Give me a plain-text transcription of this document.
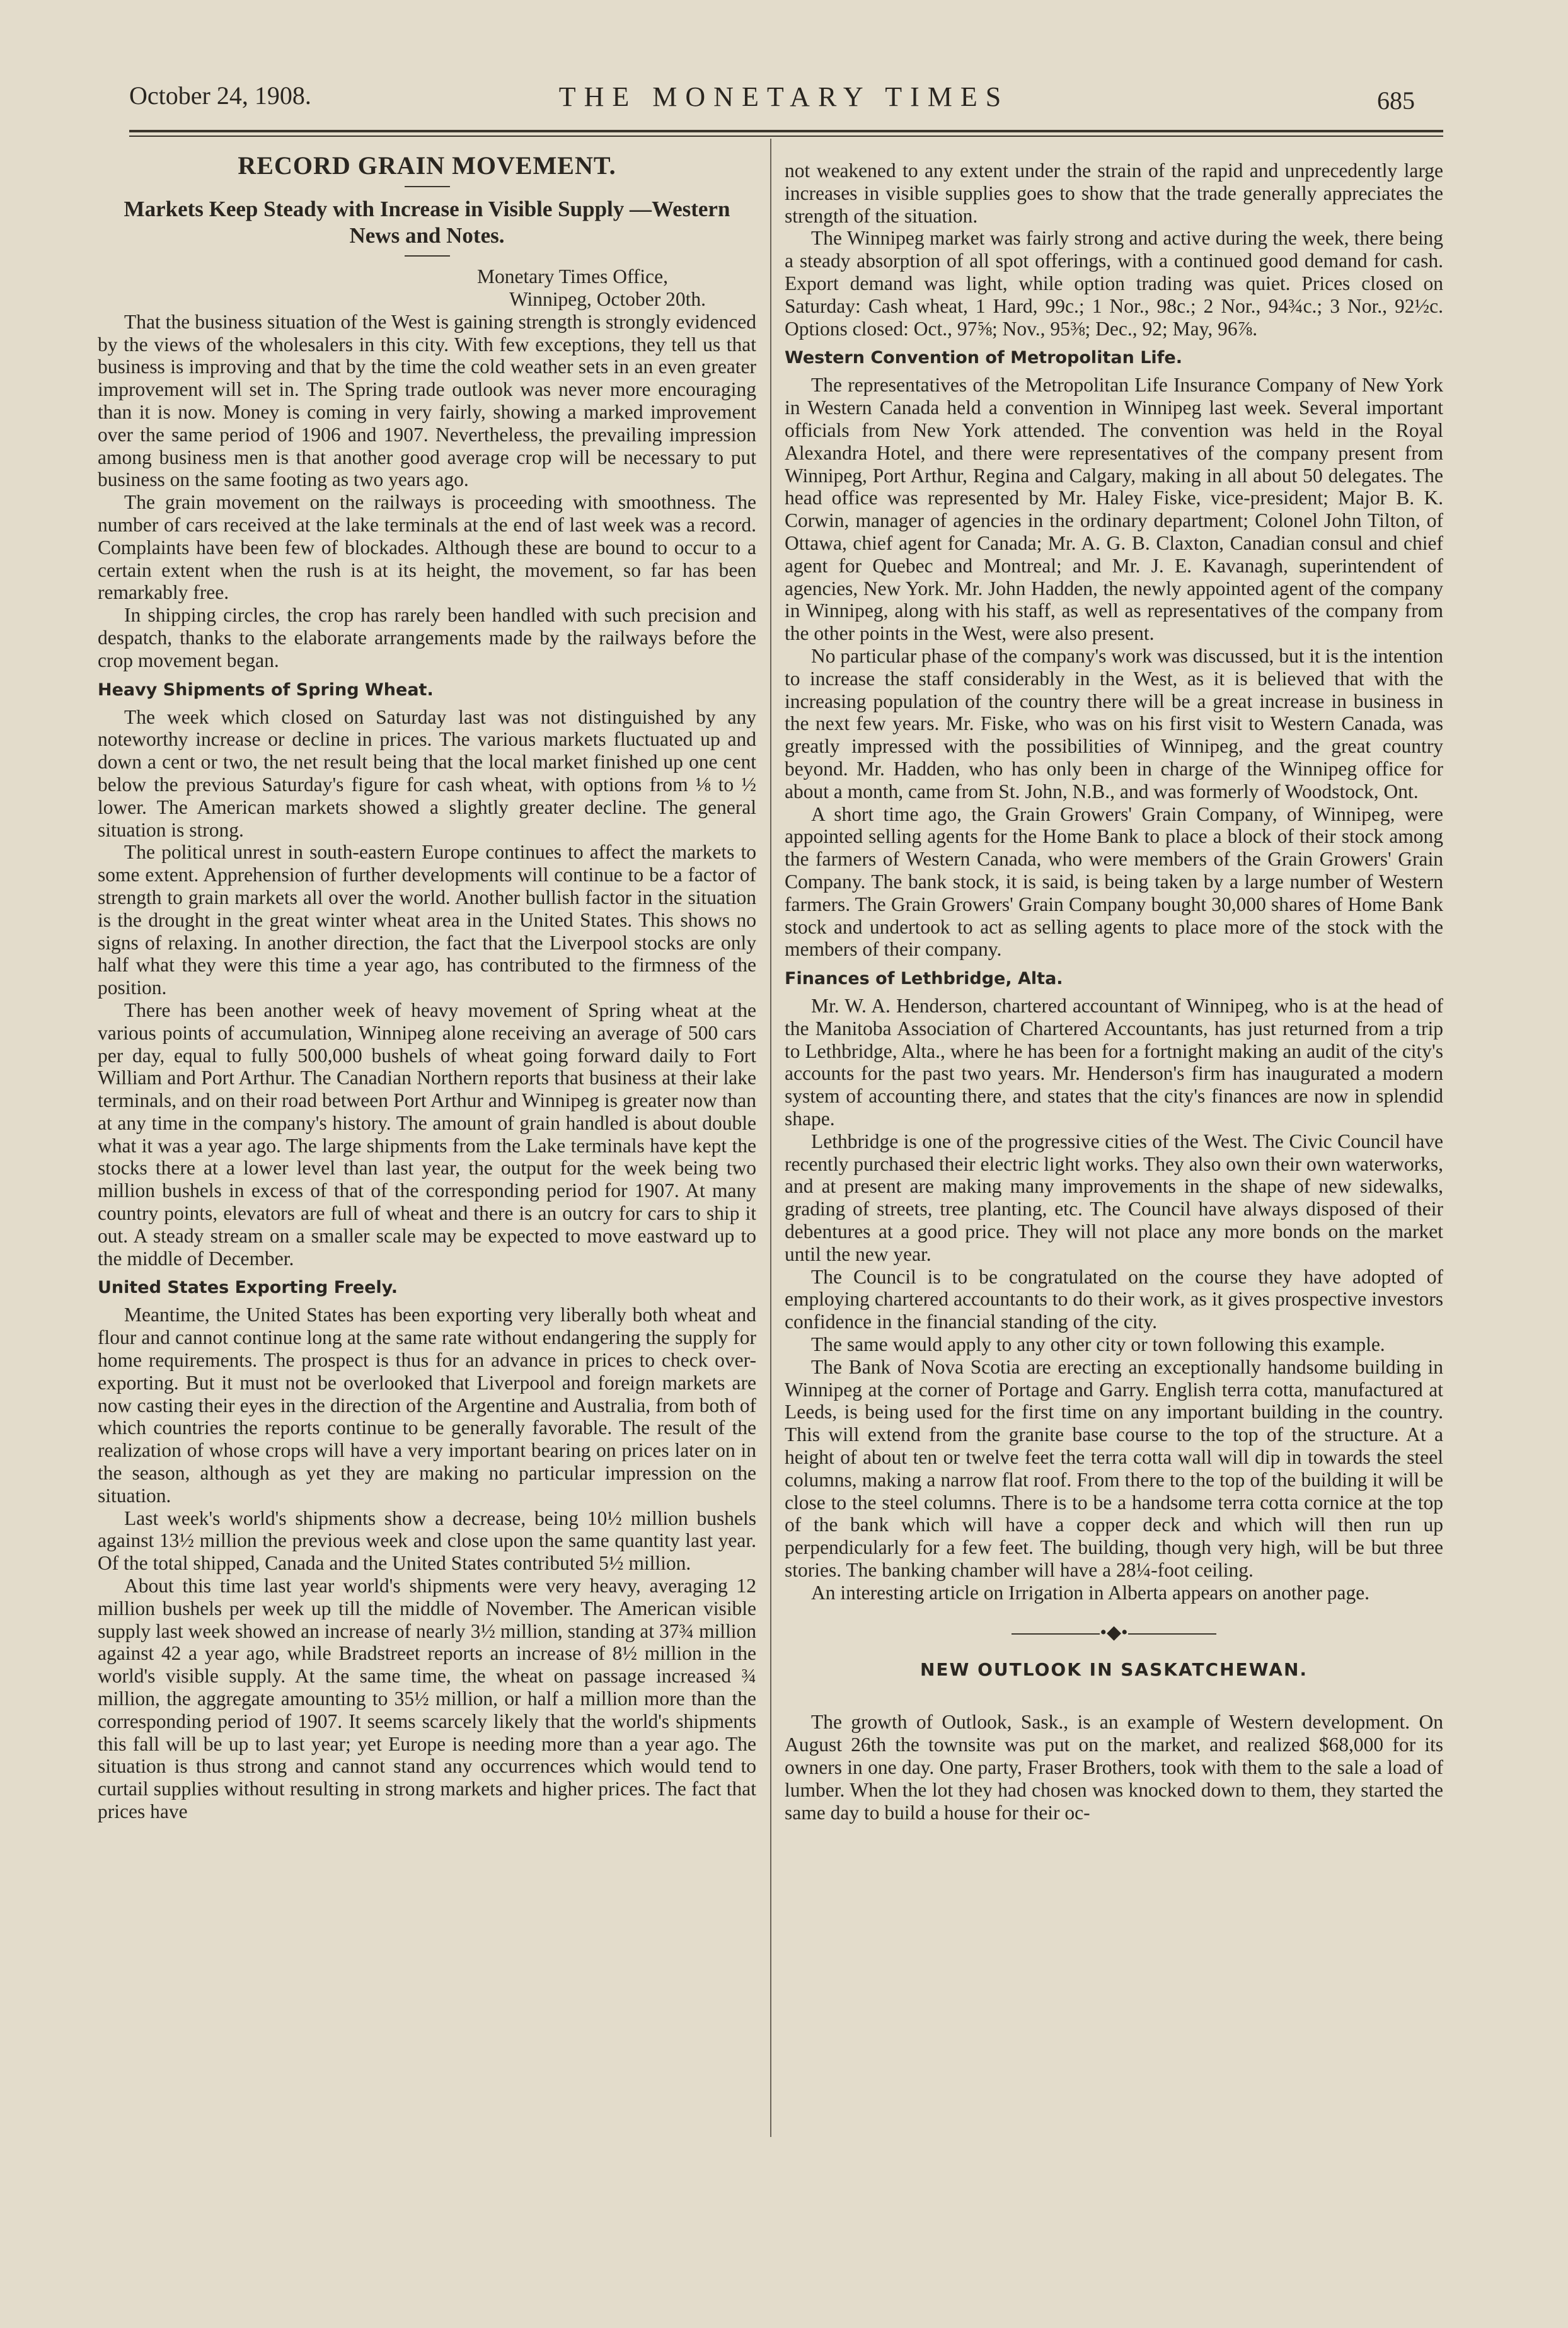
October 24, 1908.	THE MONETARY TIMES	685
RECORD GRAIN MOVEMENT.
Markets Keep Steady with Increase in Visible Supply —Western News and Notes.
Monetary Times Office,
Winnipeg, October 20th.

That the business situation of the West is gaining strength is strongly evidenced by the views of the wholesalers in this city. With few exceptions, they tell us that business is improving and that by the time the cold weather sets in an even greater improvement will set in. The Spring trade outlook was never more encouraging than it is now. Money is coming in very fairly, showing a marked improvement over the same period of 1906 and 1907. Nevertheless, the prevailing impression among business men is that another good average crop will be necessary to put business on the same footing as two years ago.

The grain movement on the railways is proceeding with smoothness. The number of cars received at the lake terminals at the end of last week was a record. Complaints have been few of blockades. Although these are bound to occur to a certain extent when the rush is at its height, the movement, so far has been remarkably free.

In shipping circles, the crop has rarely been handled with such precision and despatch, thanks to the elaborate arrangements made by the railways before the crop movement began.

Heavy Shipments of Spring Wheat.

The week which closed on Saturday last was not distinguished by any noteworthy increase or decline in prices. The various markets fluctuated up and down a cent or two, the net result being that the local market finished up one cent below the previous Saturday's figure for cash wheat, with options from ⅛ to ½ lower. The American markets showed a slightly greater decline. The general situation is strong.

The political unrest in south-eastern Europe continues to affect the markets to some extent. Apprehension of further developments will continue to be a factor of strength to grain markets all over the world. Another bullish factor in the situation is the drought in the great winter wheat area in the United States. This shows no signs of relaxing. In another direction, the fact that the Liverpool stocks are only half what they were this time a year ago, has contributed to the firmness of the position.

There has been another week of heavy movement of Spring wheat at the various points of accumulation, Winnipeg alone receiving an average of 500 cars per day, equal to fully 500,000 bushels of wheat going forward daily to Fort William and Port Arthur. The Canadian Northern reports that business at their lake terminals, and on their road between Port Arthur and Winnipeg is greater now than at any time in the company's history. The amount of grain handled is about double what it was a year ago. The large shipments from the Lake terminals have kept the stocks there at a lower level than last year, the output for the week being two million bushels in excess of that of the corresponding period for 1907. At many country points, elevators are full of wheat and there is an outcry for cars to ship it out. A steady stream on a smaller scale may be expected to move eastward up to the middle of December.

United States Exporting Freely.

Meantime, the United States has been exporting very liberally both wheat and flour and cannot continue long at the same rate without endangering the supply for home requirements. The prospect is thus for an advance in prices to check over-exporting. But it must not be overlooked that Liverpool and foreign markets are now casting their eyes in the direction of the Argentine and Australia, from both of which countries the reports continue to be generally favorable. The result of the realization of whose crops will have a very important bearing on prices later on in the season, although as yet they are making no particular impression on the situation.

Last week's world's shipments show a decrease, being 10½ million bushels against 13½ million the previous week and close upon the same quantity last year. Of the total shipped, Canada and the United States contributed 5½ million.

About this time last year world's shipments were very heavy, averaging 12 million bushels per week up till the middle of November. The American visible supply last week showed an increase of nearly 3½ million, standing at 37¾ million against 42 a year ago, while Bradstreet reports an increase of 8½ million in the world's visible supply. At the same time, the wheat on passage increased ¾ million, the aggregate amounting to 35½ million, or half a million more than the corresponding period of 1907. It seems scarcely likely that the world's shipments this fall will be up to last year; yet Europe is needing more than a year ago. The situation is thus strong and cannot stand any occurrences which would tend to curtail supplies without resulting in strong markets and higher prices. The fact that prices have

not weakened to any extent under the strain of the rapid and unprecedently large increases in visible supplies goes to show that the trade generally appreciates the strength of the situation.

The Winnipeg market was fairly strong and active during the week, there being a steady absorption of all spot offerings, with a continued good demand for cash. Export demand was light, while option trading was quiet. Prices closed on Saturday: Cash wheat, 1 Hard, 99c.; 1 Nor., 98c.; 2 Nor., 94¾c.; 3 Nor., 92½c. Options closed: Oct., 97⅝; Nov., 95⅜; Dec., 92; May, 96⅞.

Western Convention of Metropolitan Life.

The representatives of the Metropolitan Life Insurance Company of New York in Western Canada held a convention in Winnipeg last week. Several important officials from New York attended. The convention was held in the Royal Alexandra Hotel, and there were representatives of the company present from Winnipeg, Port Arthur, Regina and Calgary, making in all about 50 delegates. The head office was represented by Mr. Haley Fiske, vice-president; Major B. K. Corwin, manager of agencies in the ordinary department; Colonel John Tilton, of Ottawa, chief agent for Canada; Mr. A. G. B. Claxton, Canadian consul and chief agent for Quebec and Montreal; and Mr. J. E. Kavanagh, superintendent of agencies, New York. Mr. John Hadden, the newly appointed agent of the company in Winnipeg, along with his staff, as well as representatives of the company from the other points in the West, were also present.

No particular phase of the company's work was discussed, but it is the intention to increase the staff considerably in the West, as it is believed that with the increasing population of the country there will be a great increase in business in the next few years. Mr. Fiske, who was on his first visit to Western Canada, was greatly impressed with the possibilities of Winnipeg, and the great country beyond. Mr. Hadden, who has only been in charge of the Winnipeg office for about a month, came from St. John, N.B., and was formerly of Woodstock, Ont.

A short time ago, the Grain Growers' Grain Company, of Winnipeg, were appointed selling agents for the Home Bank to place a block of their stock among the farmers of Western Canada, who were members of the Grain Growers' Grain Company. The bank stock, it is said, is being taken by a large number of Western farmers. The Grain Growers' Grain Company bought 30,000 shares of Home Bank stock and undertook to act as selling agents to place more of the stock with the members of their company.

Finances of Lethbridge, Alta.

Mr. W. A. Henderson, chartered accountant of Winnipeg, who is at the head of the Manitoba Association of Chartered Accountants, has just returned from a trip to Lethbridge, Alta., where he has been for a fortnight making an audit of the city's accounts for the past two years. Mr. Henderson's firm has inaugurated a modern system of accounting there, and states that the city's finances are now in splendid shape.

Lethbridge is one of the progressive cities of the West. The Civic Council have recently purchased their electric light works. They also own their own waterworks, and at present are making many improvements in the shape of new sidewalks, grading of streets, tree planting, etc. The Council have always disposed of their debentures at a good price. They will not place any more bonds on the market until the new year.

The Council is to be congratulated on the course they have adopted of employing chartered accountants to do their work, as it gives prospective investors confidence in the financial standing of the city.

The same would apply to any other city or town following this example.

The Bank of Nova Scotia are erecting an exceptionally handsome building in Winnipeg at the corner of Portage and Garry. English terra cotta, manufactured at Leeds, is being used for the first time on any important building in the country. This will extend from the granite base course to the top of the structure. At a height of about ten or twelve feet the terra cotta wall will dip in towards the steel columns, making a narrow flat roof. From there to the top of the building it will be close to the steel columns. There is to be a handsome terra cotta cornice at the top of the bank which will have a copper deck and which will then run up perpendicularly for a few feet. The building, though very high, will be but three stories. The banking chamber will have a 28¼-foot ceiling.

An interesting article on Irrigation in Alberta appears on another page.

•◆•
NEW OUTLOOK IN SASKATCHEWAN.

The growth of Outlook, Sask., is an example of Western development. On August 26th the townsite was put on the market, and realized $68,000 for its owners in one day. One party, Fraser Brothers, took with them to the sale a load of lumber. When the lot they had chosen was knocked down to them, they started the same day to build a house for their oc-
